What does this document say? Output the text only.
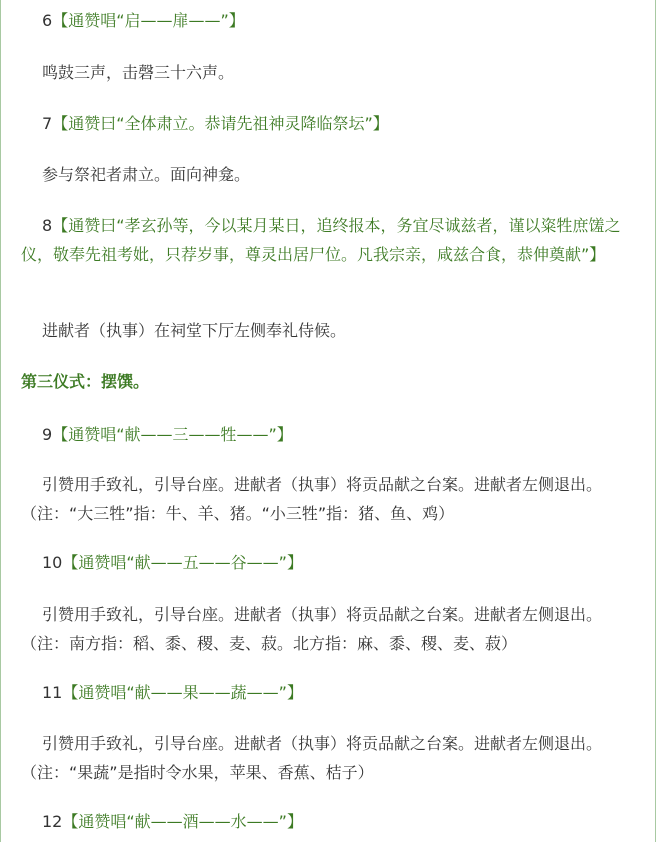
6【通赞唱“启——扉——”】

鸣鼓三声，击磬三十六声。

7【通赞曰“全体肃立。恭请先祖神灵降临祭坛”】

参与祭祀者肃立。面向神龛。

8【通赞曰“孝玄孙等，今以某月某日，追终报本，务宜尽诚兹者，谨以粢牲庶馐之仪，敬奉先祖考妣，只荐岁事，尊灵出居尸位。凡我宗亲，咸兹合食，恭伸奠献”】

进献者（执事）在祠堂下厅左侧奉礼侍候。

第三仪式：摆馔。

9【通赞唱“献——三——牲——”】

引赞用手致礼，引导台座。进献者（执事）将贡品献之台案。进献者左侧退出。（注：“大三牲”指：牛、羊、猪。“小三牲”指：猪、鱼、鸡）

10【通赞唱“献——五——谷——”】

引赞用手致礼，引导台座。进献者（执事）将贡品献之台案。进献者左侧退出。（注：南方指：稻、黍、稷、麦、菽。北方指：麻、黍、稷、麦、菽）

11【通赞唱“献——果——蔬——”】

引赞用手致礼，引导台座。进献者（执事）将贡品献之台案。进献者左侧退出。（注：“果蔬”是指时令水果，苹果、香蕉、桔子）

12【通赞唱“献——酒——水——”】
